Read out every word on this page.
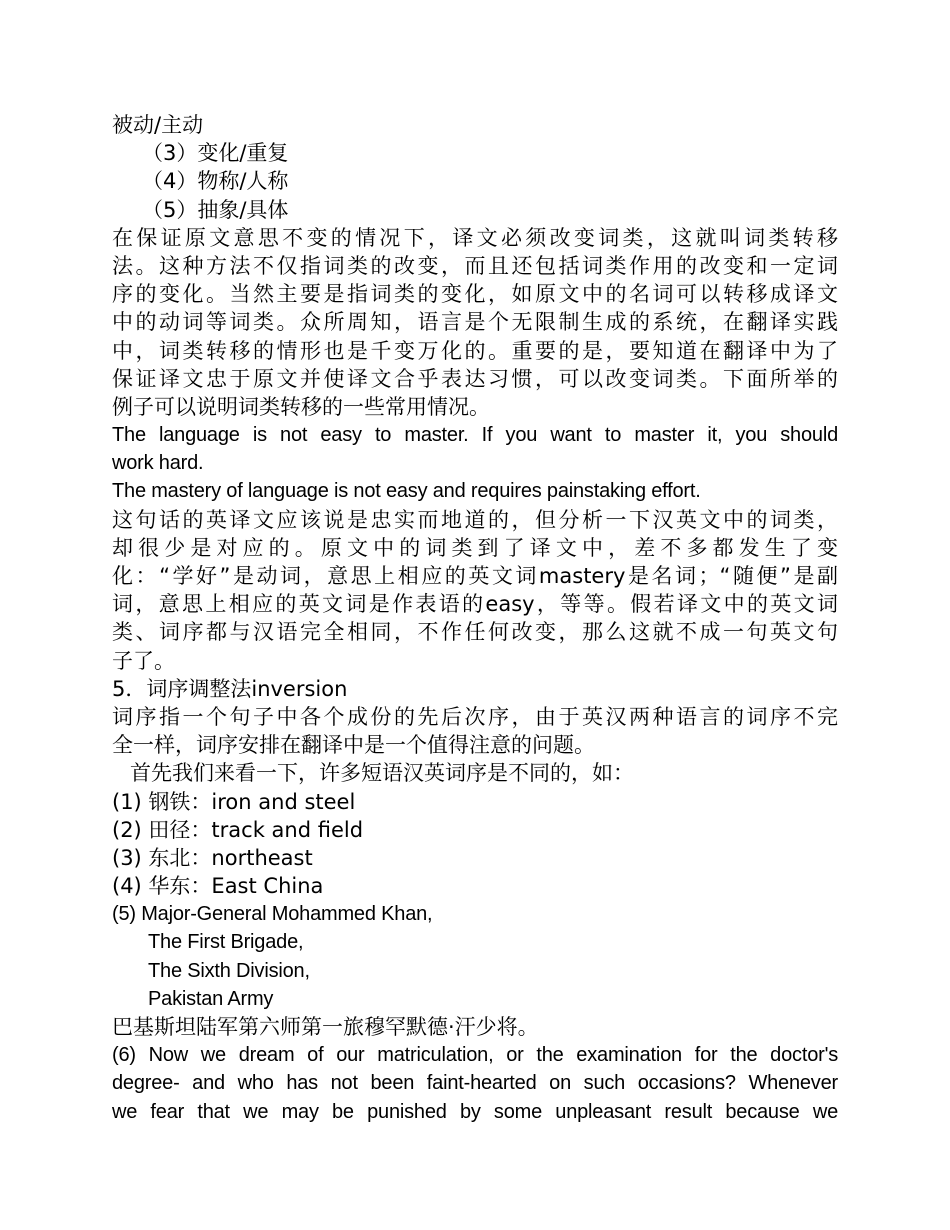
被动/主动
（3）变化/重复
（4）物称/人称
（5）抽象/具体
在保证原文意思不变的情况下，译文必须改变词类，这就叫词类转移
法。这种方法不仅指词类的改变，而且还包括词类作用的改变和一定词
序的变化。当然主要是指词类的变化，如原文中的名词可以转移成译文
中的动词等词类。众所周知，语言是个无限制生成的系统，在翻译实践
中，词类转移的情形也是千变万化的。重要的是，要知道在翻译中为了
保证译文忠于原文并使译文合乎表达习惯，可以改变词类。下面所举的
例子可以说明词类转移的一些常用情况。
The language is not easy to master. If you want to master it, you should
work hard.
The mastery of language is not easy and requires painstaking effort.
这句话的英译文应该说是忠实而地道的，但分析一下汉英文中的词类，
却很少是对应的。原文中的词类到了译文中，差不多都发生了变
化：“学好”是动词，意思上相应的英文词mastery是名词；“随便”是副
词，意思上相应的英文词是作表语的easy，等等。假若译文中的英文词
类、词序都与汉语完全相同，不作任何改变，那么这就不成一句英文句
子了。
5．词序调整法inversion
词序指一个句子中各个成份的先后次序，由于英汉两种语言的词序不完
全一样，词序安排在翻译中是一个值得注意的问题。
首先我们来看一下，许多短语汉英词序是不同的，如：
(1) 钢铁：iron and steel
(2) 田径：track and field
(3) 东北：northeast
(4) 华东：East China
(5) Major-General Mohammed Khan,
The First Brigade,
The Sixth Division,
Pakistan Army
巴基斯坦陆军第六师第一旅穆罕默德·汗少将。
(6) Now we dream of our matriculation, or the examination for the doctor's
degree- and who has not been faint-hearted on such occasions? Whenever
we fear that we may be punished by some unpleasant result because we
